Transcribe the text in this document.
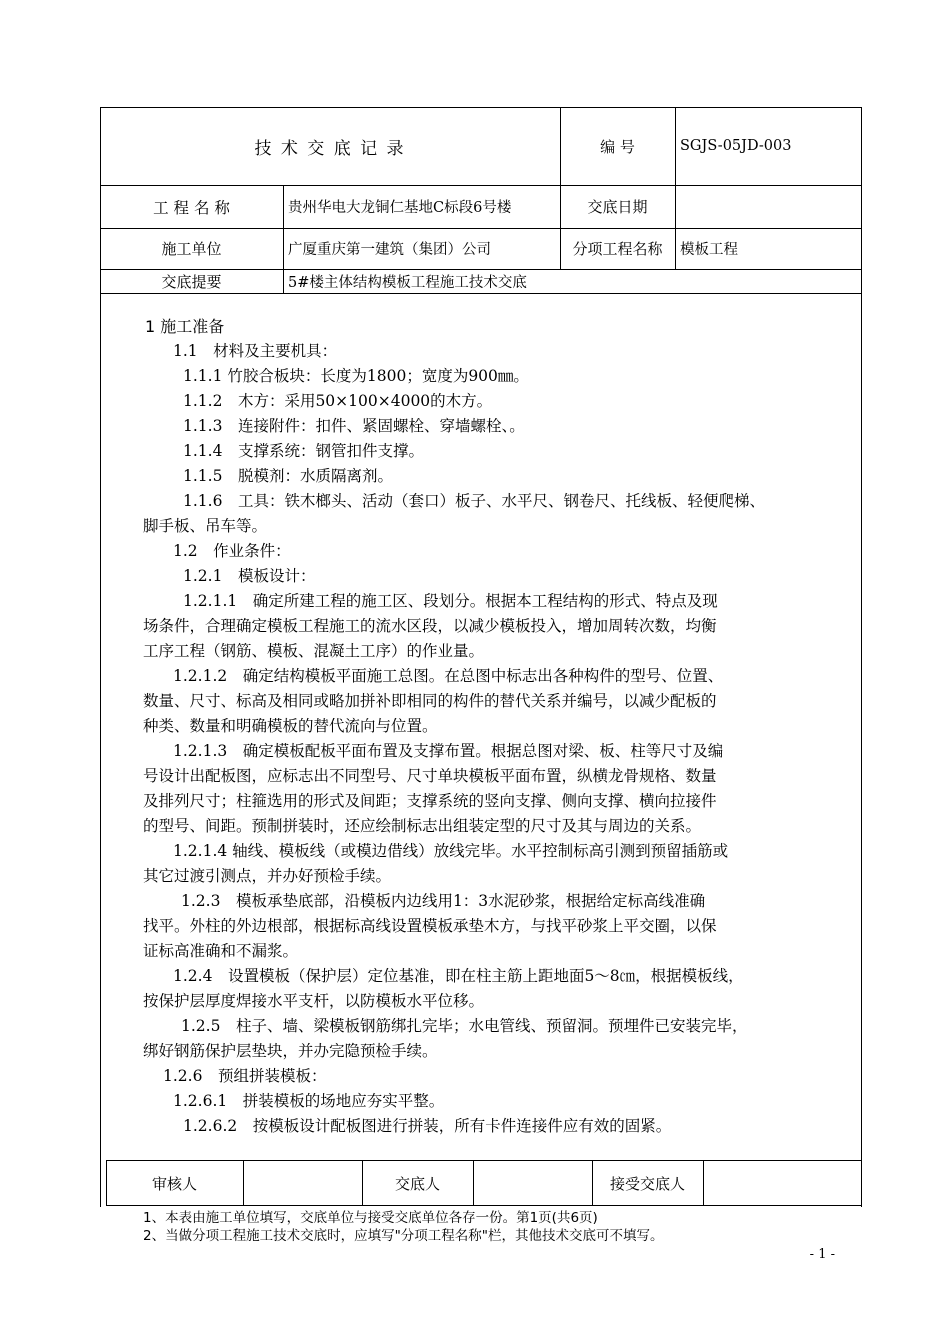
技 术 交 底 记 录	编 号	SGJS-05JD-003
工 程 名 称	贵州华电大龙铜仁基地C标段6号楼	交底日期
施工单位	广厦重庆第一建筑（集团）公司	分项工程名称	模板工程
交底提要	5#楼主体结构模板工程施工技术交底
1 施工准备
1.1　材料及主要机具：
1.1.1 竹胶合板块：长度为1800；宽度为900㎜。
1.1.2　木方：采用50×100×4000的木方。
1.1.3　连接附件：扣件、紧固螺栓、穿墙螺栓、。
1.1.4　支撑系统：钢管扣件支撑。
1.1.5　脱模剂：水质隔离剂。
1.1.6　工具：铁木榔头、活动（套口）板子、水平尺、钢卷尺、托线板、轻便爬梯、
脚手板、吊车等。
1.2　作业条件：
1.2.1　模板设计：
1.2.1.1　确定所建工程的施工区、段划分。根据本工程结构的形式、特点及现
场条件，合理确定模板工程施工的流水区段，以减少模板投入，增加周转次数，均衡
工序工程（钢筋、模板、混凝土工序）的作业量。
1.2.1.2　确定结构模板平面施工总图。在总图中标志出各种构件的型号、位置、
数量、尺寸、标高及相同或略加拼补即相同的构件的替代关系并编号，以减少配板的
种类、数量和明确模板的替代流向与位置。
1.2.1.3　确定模板配板平面布置及支撑布置。根据总图对梁、板、柱等尺寸及编
号设计出配板图，应标志出不同型号、尺寸单块模板平面布置，纵横龙骨规格、数量
及排列尺寸；柱箍选用的形式及间距；支撑系统的竖向支撑、侧向支撑、横向拉接件
的型号、间距。预制拼装时，还应绘制标志出组装定型的尺寸及其与周边的关系。
1.2.1.4 轴线、模板线（或模边借线）放线完毕。水平控制标高引测到预留插筋或
其它过渡引测点，并办好预检手续。
1.2.3　模板承垫底部，沿模板内边线用1：3水泥砂浆，根据给定标高线准确
找平。外柱的外边根部，根据标高线设置模板承垫木方，与找平砂浆上平交圈，以保
证标高准确和不漏浆。
1.2.4　设置模板（保护层）定位基准，即在柱主筋上距地面5～8㎝，根据模板线，
按保护层厚度焊接水平支杆，以防模板水平位移。
1.2.5　柱子、墙、梁模板钢筋绑扎完毕；水电管线、预留洞。预埋件已安装完毕，
绑好钢筋保护层垫块，并办完隐预检手续。
1.2.6　预组拼装模板：
1.2.6.1　拼装模板的场地应夯实平整。
1.2.6.2　按模板设计配板图进行拼装，所有卡件连接件应有效的固紧。
审核人	交底人	接受交底人
1、本表由施工单位填写，交底单位与接受交底单位各存一份。第1页(共6页)
2、当做分项工程施工技术交底时，应填写"分项工程名称"栏，其他技术交底可不填写。
- 1 -
